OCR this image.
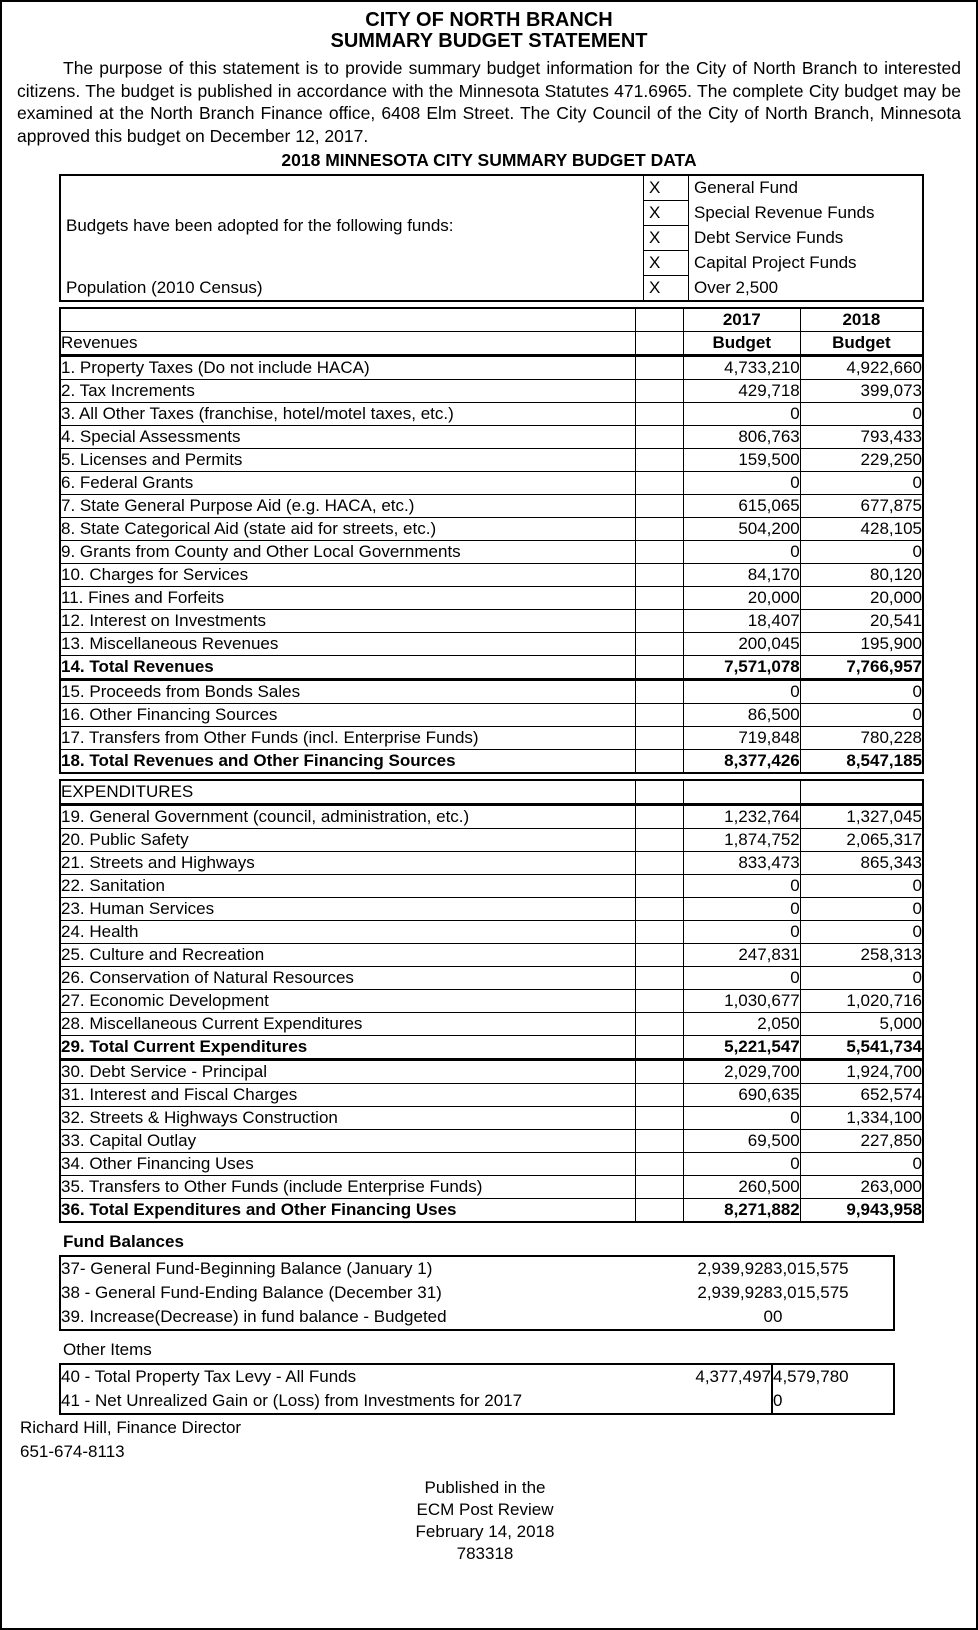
CITY OF NORTH BRANCH
SUMMARY BUDGET STATEMENT
The purpose of this statement is to provide summary budget information for the City of North Branch to interested citizens. The budget is published in accordance with the Minnesota Statutes 471.6965. The complete City budget may be examined at the North Branch Finance office, 6408 Elm Street. The City Council of the City of North Branch, Minnesota approved this budget on December 12, 2017.
2018 MINNESOTA CITY SUMMARY BUDGET DATA
Budgets have been adopted for the following funds:	X	General Fund
	X	Special Revenue Funds
	X	Debt Service Funds
	X	Capital Project Funds
Population (2010 Census)	X	Over 2,500
		2017	2018
Revenues		Budget	Budget
1. Property Taxes (Do not include HACA)		4,733,210	4,922,660
2. Tax Increments		429,718	399,073
3. All Other Taxes (franchise, hotel/motel taxes, etc.)		0	0
4. Special Assessments		806,763	793,433
5. Licenses and Permits		159,500	229,250
6. Federal Grants		0	0
7. State General Purpose Aid (e.g. HACA, etc.)		615,065	677,875
8. State Categorical Aid (state aid for streets, etc.)		504,200	428,105
9. Grants from County and Other Local Governments		0	0
10. Charges for Services		84,170	80,120
11. Fines and Forfeits		20,000	20,000
12. Interest on Investments		18,407	20,541
13. Miscellaneous Revenues		200,045	195,900
14. Total Revenues		7,571,078	7,766,957
15. Proceeds from Bonds Sales		0	0
16. Other Financing Sources		86,500	0
17. Transfers from Other Funds (incl. Enterprise Funds)		719,848	780,228
18. Total Revenues and Other Financing Sources		8,377,426	8,547,185
EXPENDITURES			
19. General Government (council, administration, etc.)		1,232,764	1,327,045
20. Public Safety		1,874,752	2,065,317
21. Streets and Highways		833,473	865,343
22. Sanitation		0	0
23. Human Services		0	0
24. Health		0	0
25. Culture and Recreation		247,831	258,313
26. Conservation of Natural Resources		0	0
27. Economic Development		1,030,677	1,020,716
28. Miscellaneous Current Expenditures		2,050	5,000
29. Total Current Expenditures		5,221,547	5,541,734
30. Debt Service - Principal		2,029,700	1,924,700
31. Interest and Fiscal Charges		690,635	652,574
32. Streets & Highways Construction		0	1,334,100
33. Capital Outlay		69,500	227,850
34. Other Financing Uses		0	0
35. Transfers to Other Funds (include Enterprise Funds)		260,500	263,000
36. Total Expenditures and Other Financing Uses		8,271,882	9,943,958
Fund Balances
37- General Fund-Beginning Balance (January 1)	2,939,928	3,015,575
38 - General Fund-Ending Balance (December 31)	2,939,928	3,015,575
39. Increase(Decrease) in fund balance - Budgeted	0	0
Other Items
40 - Total Property Tax Levy - All Funds	4,377,497	4,579,780
41 - Net Unrealized Gain or (Loss) from Investments for 2017		0
Richard Hill, Finance Director
651-674-8113
Published in the
ECM Post Review
February 14, 2018
783318
